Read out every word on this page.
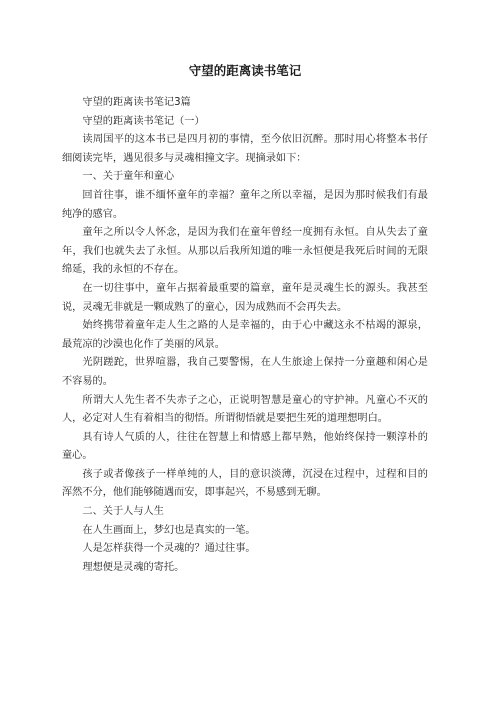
守望的距离读书笔记

守望的距离读书笔记3篇

守望的距离读书笔记（一）

读周国平的这本书已是四月初的事情，至今依旧沉醉。那时用心将整本书仔细阅读完毕，遇见很多与灵魂相撞文字。现摘录如下：

一、关于童年和童心

回首往事，谁不缅怀童年的幸福？童年之所以幸福，是因为那时候我们有最纯净的感官。

童年之所以令人怀念，是因为我们在童年曾经一度拥有永恒。自从失去了童年，我们也就失去了永恒。从那以后我所知道的唯一永恒便是我死后时间的无限绵延，我的永恒的不存在。

在一切往事中，童年占据着最重要的篇章，童年是灵魂生长的源头。我甚至说，灵魂无非就是一颗成熟了的童心，因为成熟而不会再失去。

始终携带着童年走人生之路的人是幸福的，由于心中藏这永不枯竭的源泉，最荒凉的沙漠也化作了美丽的风景。

光阴蹉跎，世界喧嚣，我自己要警惕，在人生旅途上保持一分童趣和闲心是不容易的。

所谓大人先生者不失赤子之心，正说明智慧是童心的守护神。凡童心不灭的人，必定对人生有着相当的彻悟。所谓彻悟就是要把生死的道理想明白。

具有诗人气质的人，往往在智慧上和情感上都早熟，他始终保持一颗淳朴的童心。

孩子或者像孩子一样单纯的人，目的意识淡薄，沉浸在过程中，过程和目的浑然不分，他们能够随遇而安，即事起兴，不易感到无聊。

二、关于人与人生

在人生画面上，梦幻也是真实的一笔。

人是怎样获得一个灵魂的？通过往事。

理想便是灵魂的寄托。
